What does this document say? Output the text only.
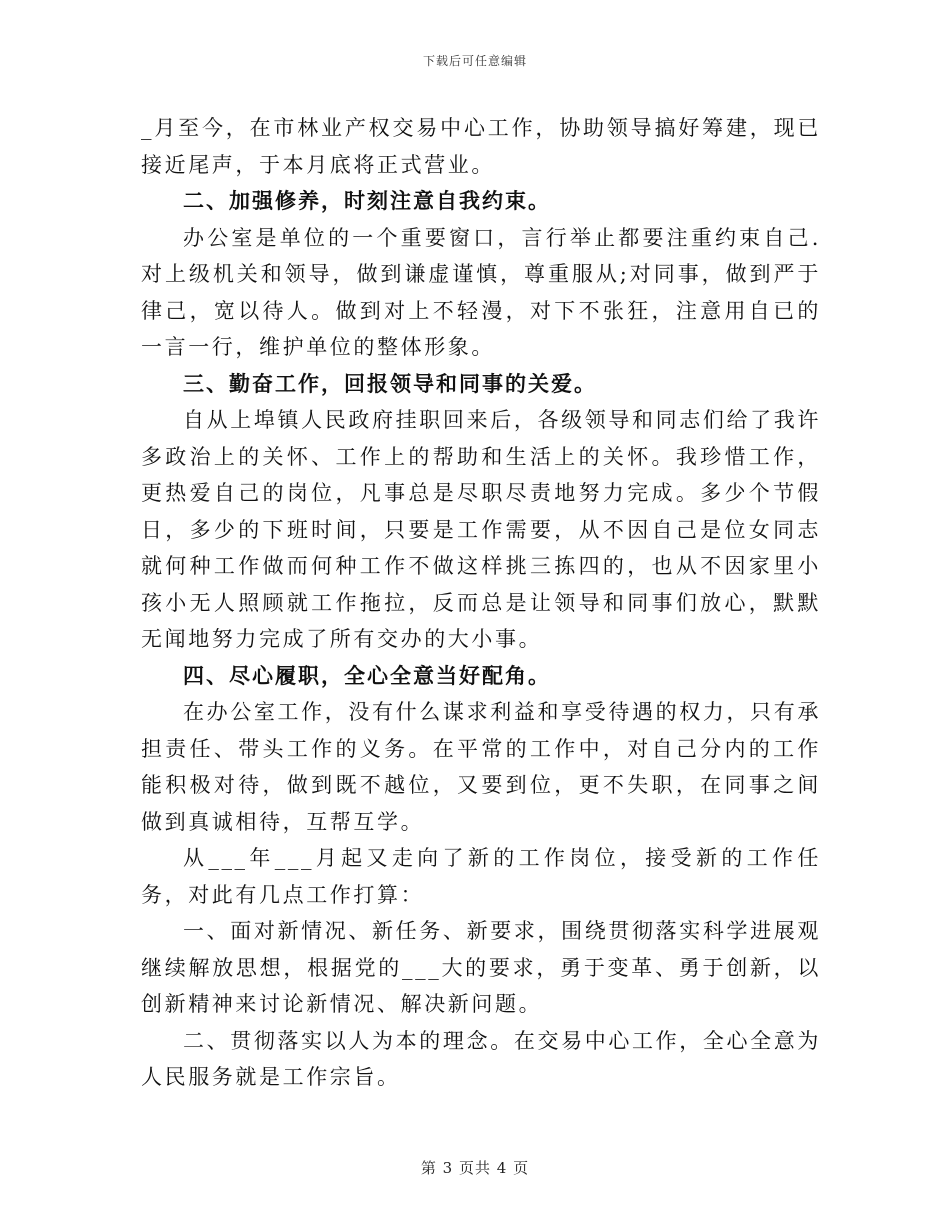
下载后可任意编辑

_月至今，在市林业产权交易中心工作，协助领导搞好筹建，现已接近尾声，于本月底将正式营业。

二、加强修养，时刻注意自我约束。

办公室是单位的一个重要窗口，言行举止都要注重约束自己.对上级机关和领导，做到谦虚谨慎，尊重服从;对同事，做到严于律己，宽以待人。做到对上不轻漫，对下不张狂，注意用自已的一言一行，维护单位的整体形象。

三、勤奋工作，回报领导和同事的关爱。

自从上埠镇人民政府挂职回来后，各级领导和同志们给了我许多政治上的关怀、工作上的帮助和生活上的关怀。我珍惜工作，更热爱自己的岗位，凡事总是尽职尽责地努力完成。多少个节假日，多少的下班时间，只要是工作需要，从不因自己是位女同志就何种工作做而何种工作不做这样挑三拣四的，也从不因家里小孩小无人照顾就工作拖拉，反而总是让领导和同事们放心，默默无闻地努力完成了所有交办的大小事。

四、尽心履职，全心全意当好配角。

在办公室工作，没有什么谋求利益和享受待遇的权力，只有承担责任、带头工作的义务。在平常的工作中，对自己分内的工作能积极对待，做到既不越位，又要到位，更不失职，在同事之间做到真诚相待，互帮互学。

从___年___月起又走向了新的工作岗位，接受新的工作任务，对此有几点工作打算：

一、面对新情况、新任务、新要求，围绕贯彻落实科学进展观继续解放思想，根据党的___大的要求，勇于变革、勇于创新，以创新精神来讨论新情况、解决新问题。

二、贯彻落实以人为本的理念。在交易中心工作，全心全意为人民服务就是工作宗旨。

第 3 页共 4 页
